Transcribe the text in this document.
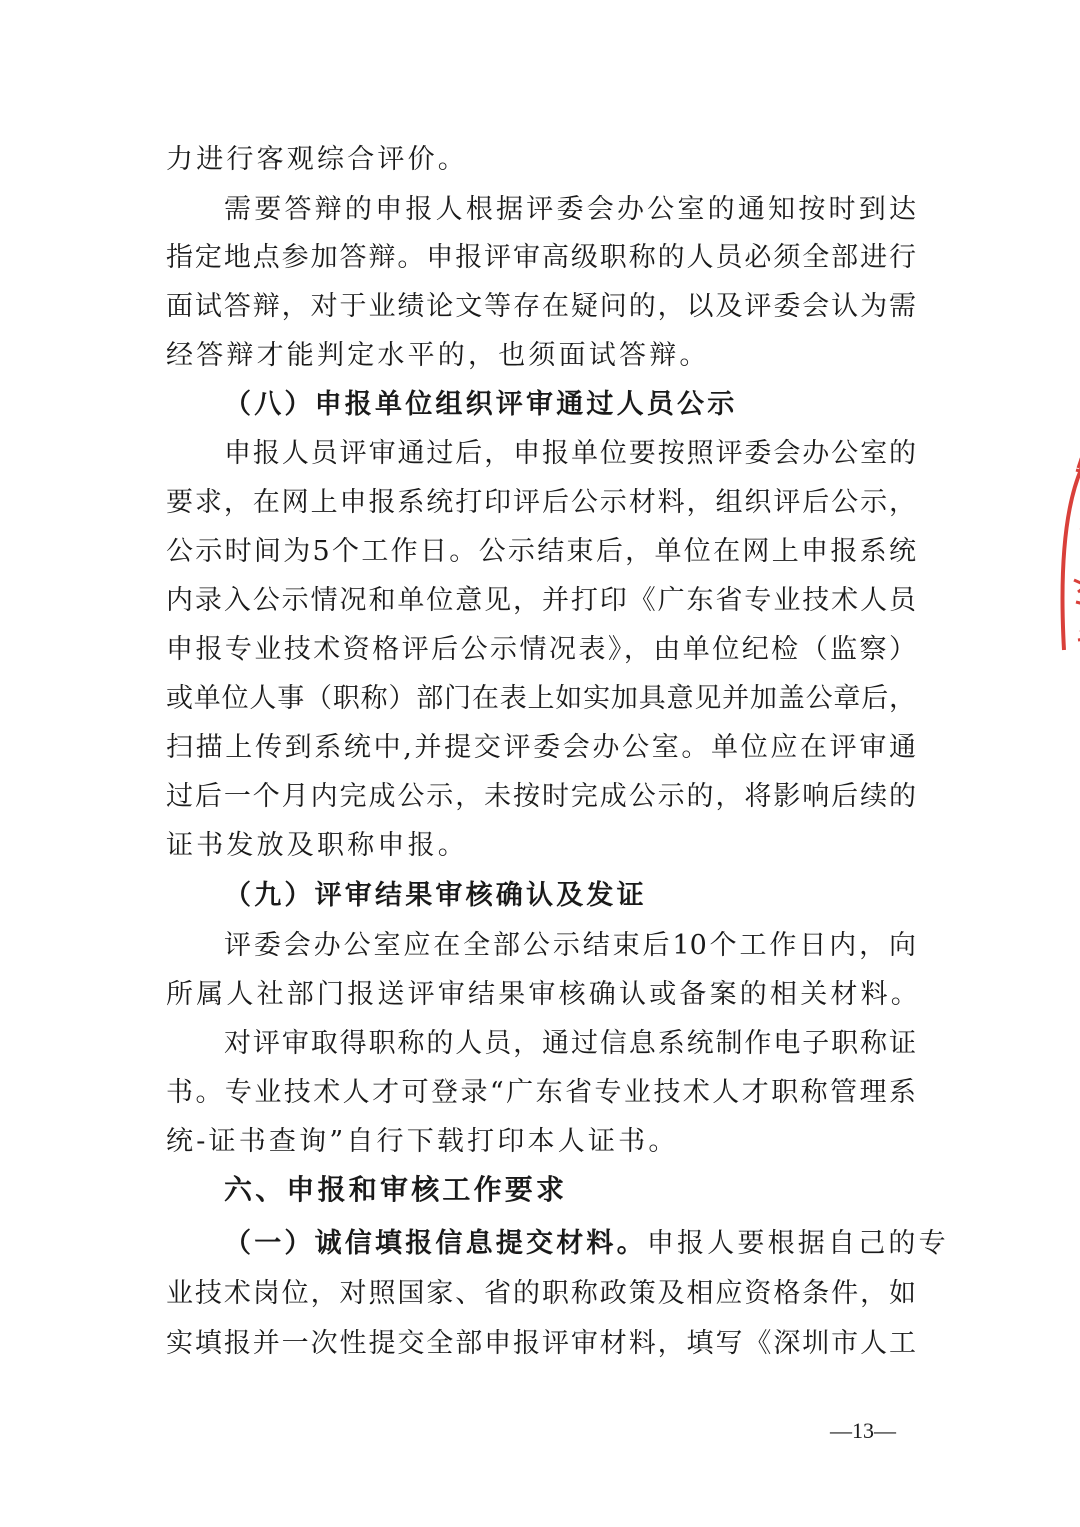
力进行客观综合评价。
需要答辩的申报人根据评委会办公室的通知按时到达
指定地点参加答辩。申报评审高级职称的人员必须全部进行
面试答辩，对于业绩论文等存在疑问的，以及评委会认为需
经答辩才能判定水平的，也须面试答辩。
（八）申报单位组织评审通过人员公示
申报人员评审通过后，申报单位要按照评委会办公室的
要求，在网上申报系统打印评后公示材料，组织评后公示，
公示时间为5个工作日。公示结束后，单位在网上申报系统
内录入公示情况和单位意见，并打印《广东省专业技术人员
申报专业技术资格评后公示情况表》，由单位纪检（监察）
或单位人事（职称）部门在表上如实加具意见并加盖公章后，
扫描上传到系统中,并提交评委会办公室。单位应在评审通
过后一个月内完成公示，未按时完成公示的，将影响后续的
证书发放及职称申报。
（九）评审结果审核确认及发证
评委会办公室应在全部公示结束后10个工作日内，向
所属人社部门报送评审结果审核确认或备案的相关材料。
对评审取得职称的人员，通过信息系统制作电子职称证
书。专业技术人才可登录“广东省专业技术人才职称管理系
统-证书查询”自行下载打印本人证书。
六、申报和审核工作要求
（一）诚信填报信息提交材料。申报人要根据自己的专
业技术岗位，对照国家、省的职称政策及相应资格条件，如
实填报并一次性提交全部申报评审材料，填写《深圳市人工
—13—
